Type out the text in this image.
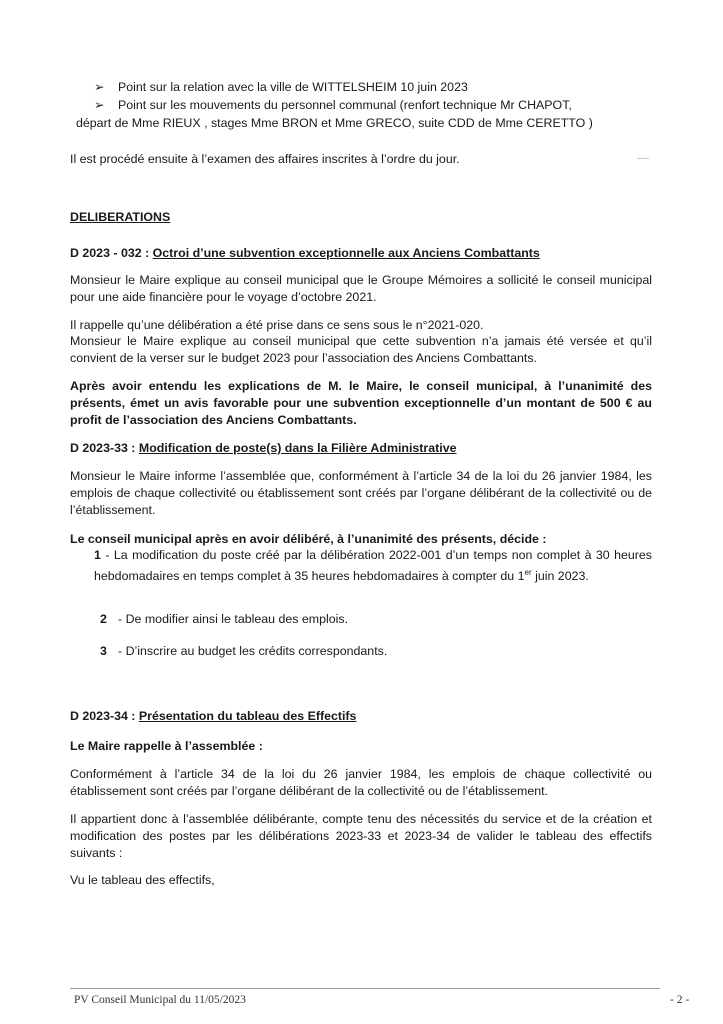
➢ Point sur la relation avec la ville de WITTELSHEIM 10 juin 2023
➢ Point sur les mouvements du personnel communal (renfort technique Mr CHAPOT,
départ de Mme RIEUX , stages Mme BRON et Mme GRECO, suite CDD de Mme CERETTO )
Il est procédé ensuite à l’examen des affaires inscrites à l’ordre du jour.
DELIBERATIONS
D 2023 - 032 : Octroi d’une subvention exceptionnelle aux Anciens Combattants
Monsieur le Maire explique au conseil municipal que le Groupe Mémoires a sollicité le conseil municipal pour une aide financière pour le voyage d’octobre 2021.
Il rappelle qu’une délibération a été prise dans ce sens sous le n°2021-020.
Monsieur le Maire explique au conseil municipal que cette subvention n’a jamais été versée et qu’il convient de la verser sur le budget 2023 pour l’association des Anciens Combattants.
Après avoir entendu les explications de M. le Maire, le conseil municipal, à l’unanimité des présents, émet un avis favorable pour une subvention exceptionnelle d’un montant de 500 € au profit de l’association des Anciens Combattants.
D 2023-33 : Modification de poste(s) dans la Filière Administrative
Monsieur le Maire informe l’assemblée que, conformément à l’article 34 de la loi du 26 janvier 1984, les emplois de chaque collectivité ou établissement sont créés par l’organe délibérant de la collectivité ou de l’établissement.
Le conseil municipal après en avoir délibéré, à l’unanimité des présents, décide :
1 - La modification du poste créé par la délibération 2022-001 d’un temps non complet à 30 heures hebdomadaires en temps complet à 35 heures hebdomadaires à compter du 1er juin 2023.
2 - De modifier ainsi le tableau des emplois.
3 - D’inscrire au budget les crédits correspondants.
D 2023-34 : Présentation du tableau des Effectifs
Le Maire rappelle à l’assemblée :
Conformément à l’article 34 de la loi du 26 janvier 1984, les emplois de chaque collectivité ou établissement sont créés par l’organe délibérant de la collectivité ou de l’établissement.
Il appartient donc à l’assemblée délibérante, compte tenu des nécessités du service et de la création et modification des postes par les délibérations 2023-33 et 2023-34 de valider le tableau des effectifs suivants :
Vu le tableau des effectifs,
PV Conseil Municipal du 11/05/2023	- 2 -
